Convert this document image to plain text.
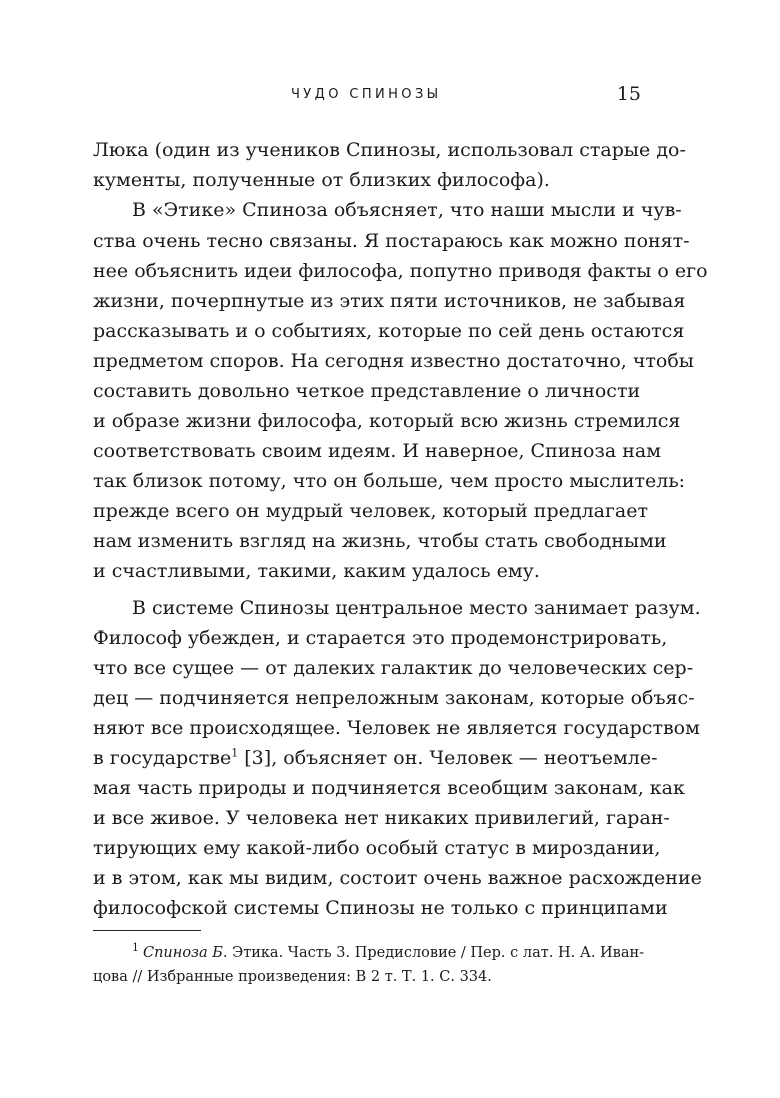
ЧУДО СПИНОЗЫ	15
Люка (один из учеников Спинозы, использовал старые до-
кументы, полученные от близких философа).
В «Этике» Спиноза объясняет, что наши мысли и чув-
ства очень тесно связаны. Я постараюсь как можно понят-
нее объяснить идеи философа, попутно приводя факты о его
жизни, почерпнутые из этих пяти источников, не забывая
рассказывать и о событиях, которые по сей день остаются
предметом споров. На сегодня известно достаточно, чтобы
составить довольно четкое представление о личности
и образе жизни философа, который всю жизнь стремился
соответствовать своим идеям. И наверное, Спиноза нам
так близок потому, что он больше, чем просто мыслитель:
прежде всего он мудрый человек, который предлагает
нам изменить взгляд на жизнь, чтобы стать свободными
и счастливыми, такими, каким удалось ему.
В системе Спинозы центральное место занимает разум.
Философ убежден, и старается это продемонстрировать,
что все сущее — от далеких галактик до человеческих сер-
дец — подчиняется непреложным законам, которые объяс-
няют все происходящее. Человек не является государством
в государстве$^1$ [3], объясняет он. Человек — неотъемле-
мая часть природы и подчиняется всеобщим законам, как
и все живое. У человека нет никаких привилегий, гаран-
тирующих ему какой-либо особый статус в мироздании,
и в этом, как мы видим, состоит очень важное расхождение
философской системы Спинозы не только с принципами
1 Спиноза Б. Этика. Часть 3. Предисловие / Пер. с лат. Н. А. Иван-
цова // Избранные произведения: В 2 т. Т. 1. С. 334.
